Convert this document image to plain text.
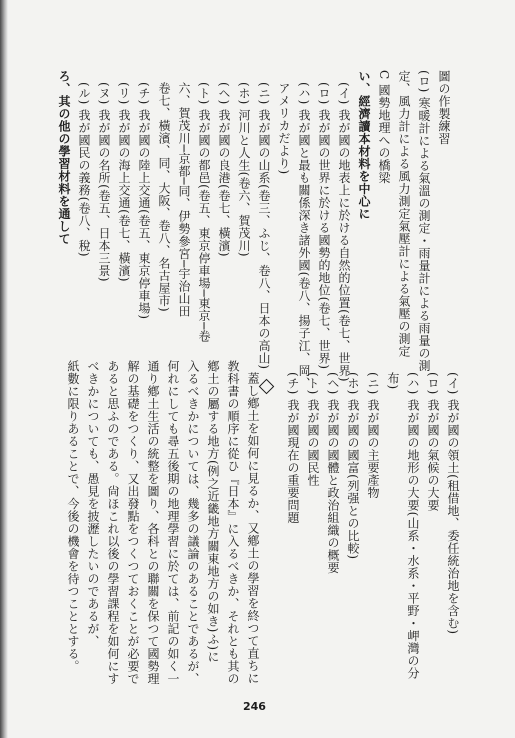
圖の作製練習
(ロ) 寒暖計による氣溫の測定・雨量計による雨量の測
定、風力計による風力測定氣壓計による氣壓の測定
C 國勢地理への橋梁
い、經濟讀本材料を中心に
(イ) 我が國の地表上に於ける自然的位置(卷七、世界)
(ロ) 我が國の世界に於ける國勢的地位(卷七、世界)
(ハ) 我が國と最も關係深き諸外國(卷八、揚子江、岡、
アメリカだより)
(ニ) 我が國の山系(卷三、ふじ、卷八、日本の高山)
(ホ) 河川と人生(卷六、賀茂川)
(ヘ) 我が國の良港(卷七、橫濱)
(ト) 我が國の都邑(卷五、東京停車場─東京─卷
六、賀茂川─京都─同、伊勢參宮─宇治山田
卷七、橫濱、同、大阪、卷八、名古屋市)
(チ) 我が國の陸上交通(卷五、東京停車場)
(リ) 我が國の海上交通(卷七、橫濱)
(ヌ) 我が國の名所(卷五、日本三景)
(ル) 我が國民の義務(卷八、稅)
ろ、其の他の學習材料を通して
(イ) 我が國の領土(租借地、委任統治地を含む)
(ロ) 我が國の氣候の大要
(ハ) 我が國の地形の大要(山系・水系・平野・岬灣の分
布)
(ニ) 我が國の主要產物
(ホ) 我が國の國富(列强との比較)
(ヘ) 我が國の國體と政治組織の概要
(ト) 我が國の國民性
(チ) 我が國現在の重要問題
蓋し鄕土を如何に見るか、又鄕土の學習を終つて直ちに
教科書の順序に從ひ『日本』に入るべきか、それとも其の
鄕土の屬する地方(例之近畿地方關東地方の如き)ふ)に
入るべきかについては、幾多の議論のあることであるが、
何れにしても尋五後期の地理學習に於ては、前記の如く一
通り鄕土生活の統整を圖り、各科との聯關を保つて國勢理
解の基礎をつくり、又出發點をつくつておくことが必要で
あると思ふのである。尙ほこれ以後の學習課程を如何にす
べきかについても、愚見を披瀝したいのであるが、
紙數に限りあることで、今後の機會を待つこととする。
246
